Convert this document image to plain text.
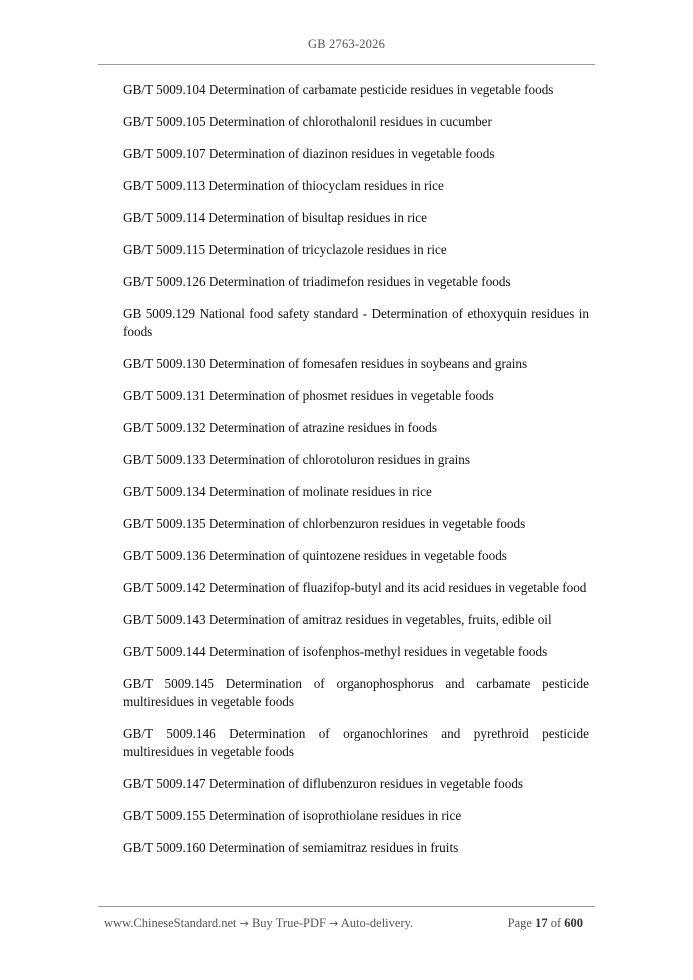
GB 2763-2026
GB/T 5009.104 Determination of carbamate pesticide residues in vegetable foods
GB/T 5009.105 Determination of chlorothalonil residues in cucumber
GB/T 5009.107 Determination of diazinon residues in vegetable foods
GB/T 5009.113 Determination of thiocyclam residues in rice
GB/T 5009.114 Determination of bisultap residues in rice
GB/T 5009.115 Determination of tricyclazole residues in rice
GB/T 5009.126 Determination of triadimefon residues in vegetable foods
GB 5009.129 National food safety standard - Determination of ethoxyquin residues in foods
GB/T 5009.130 Determination of fomesafen residues in soybeans and grains
GB/T 5009.131 Determination of phosmet residues in vegetable foods
GB/T 5009.132 Determination of atrazine residues in foods
GB/T 5009.133 Determination of chlorotoluron residues in grains
GB/T 5009.134 Determination of molinate residues in rice
GB/T 5009.135 Determination of chlorbenzuron residues in vegetable foods
GB/T 5009.136 Determination of quintozene residues in vegetable foods
GB/T 5009.142 Determination of fluazifop-butyl and its acid residues in vegetable food
GB/T 5009.143 Determination of amitraz residues in vegetables, fruits, edible oil
GB/T 5009.144 Determination of isofenphos-methyl residues in vegetable foods
GB/T 5009.145 Determination of organophosphorus and carbamate pesticide multiresidues in vegetable foods
GB/T 5009.146 Determination of organochlorines and pyrethroid pesticide multiresidues in vegetable foods
GB/T 5009.147 Determination of diflubenzuron residues in vegetable foods
GB/T 5009.155 Determination of isoprothiolane residues in rice
GB/T 5009.160 Determination of semiamitraz residues in fruits
www.ChineseStandard.net → Buy True-PDF → Auto-delivery.	Page 17 of 600
